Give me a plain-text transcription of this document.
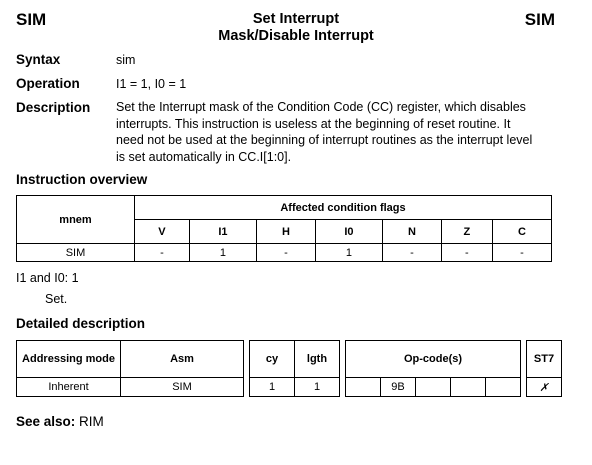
SIM	SIM
Set Interrupt
Mask/Disable Interrupt
Syntax	sim
Operation	I1 = 1, I0 = 1
Description Set the Interrupt mask of the Condition Code (CC) register, which disables
interrupts. This instruction is useless at the beginning of reset routine. It
need not be used at the beginning of interrupt routines as the interrupt level
is set automatically in CC.I[1:0].
Instruction overview
mnem	Affected condition flags						
	V	I1	H	I0	N	Z	C
SIM	-	1	-	1	-	-	-
I1 and I0: 1
Set.
Detailed description
Addressing mode	Asm		cy	lgth		Op-code(s)						ST7
Inherent	SIM		1	1			9B					✗
See also: RIM
